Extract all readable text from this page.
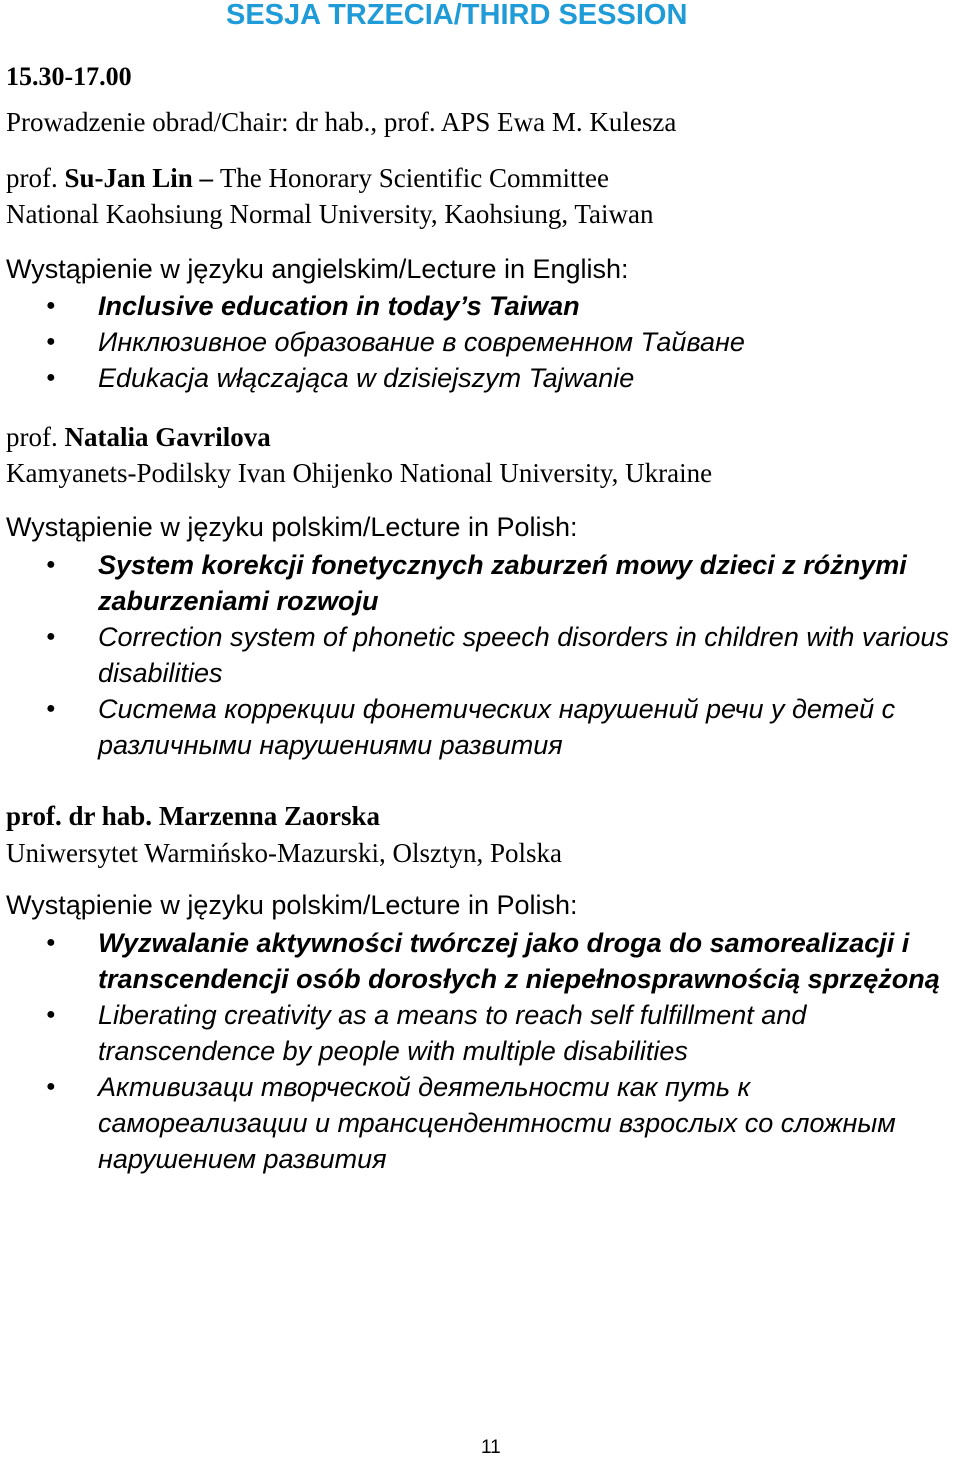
SESJA TRZECIA/THIRD SESSION
15.30-17.00
Prowadzenie obrad/Chair: dr hab., prof. APS Ewa M. Kulesza
prof. Su-Jan Lin – The Honorary Scientific Committee
National Kaohsiung Normal University, Kaohsiung, Taiwan
Wystąpienie w języku angielskim/Lecture in English:
● Inclusive education in today’s Taiwan
● Инклюзивное образование в современном Тайване
● Edukacja włączająca w dzisiejszym Tajwanie
prof. Natalia Gavrilova
Kamyanets-Podilsky Ivan Ohijenko National University, Ukraine
Wystąpienie w języku polskim/Lecture in Polish:
● System korekcji fonetycznych zaburzeń mowy dzieci z różnymi zaburzeniami rozwoju
● Correction system of phonetic speech disorders in children with various disabilities
● Система коррекции фонетических нарушений речи у детей с различными нарушениями развития
prof. dr hab. Marzenna Zaorska
Uniwersytet Warmińsko-Mazurski, Olsztyn, Polska
Wystąpienie w języku polskim/Lecture in Polish:
● Wyzwalanie aktywności twórczej jako droga do samorealizacji i transcendencji osób dorosłych z niepełnosprawnością sprzężoną
● Liberating creativity as a means to reach self fulfillment and transcendence by people with multiple disabilities
● Активизаци творческой деятельности как путь к самореализации и трансцендентности взрослых со сложным нарушением развития
11
